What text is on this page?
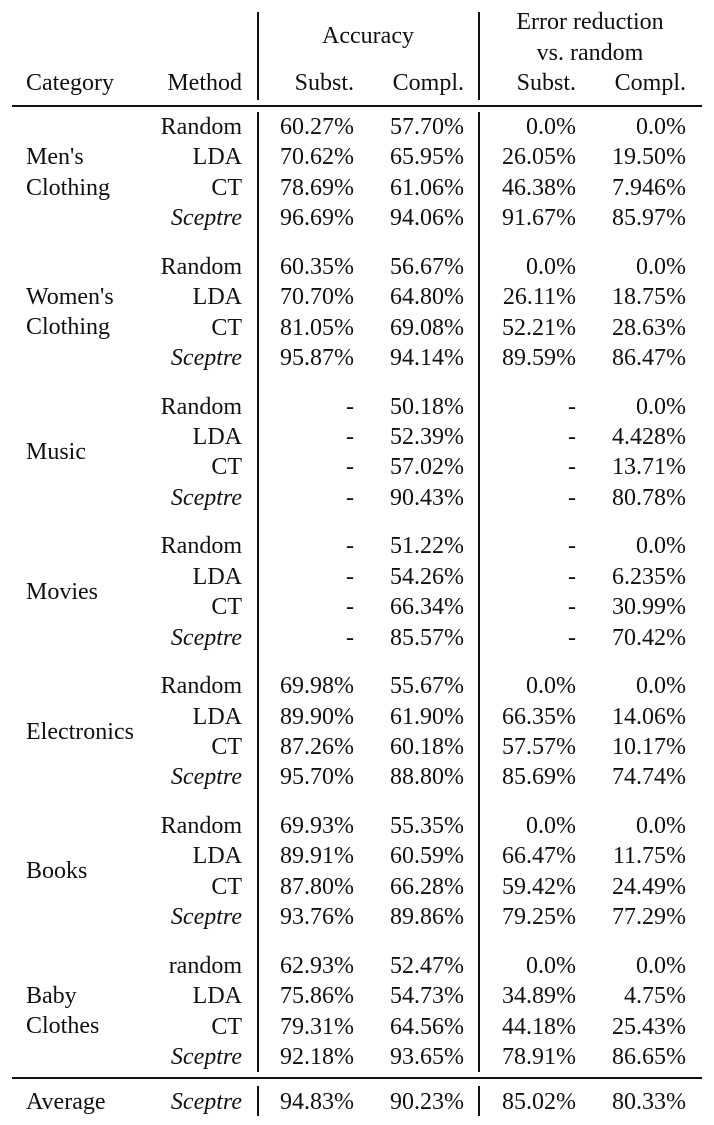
Accuracy
Error reduction
vs. random
Category	Method	Subst.	Compl.	Subst.	Compl.
Men's
Clothing
Random	60.27%	57.70%	0.0%	0.0%
LDA	70.62%	65.95%	26.05%	19.50%
CT	78.69%	61.06%	46.38%	7.946%
Sceptre	96.69%	94.06%	91.67%	85.97%
Women's
Clothing
Random	60.35%	56.67%	0.0%	0.0%
LDA	70.70%	64.80%	26.11%	18.75%
CT	81.05%	69.08%	52.21%	28.63%
Sceptre	95.87%	94.14%	89.59%	86.47%
Music
Random	-	50.18%	-	0.0%
LDA	-	52.39%	-	4.428%
CT	-	57.02%	-	13.71%
Sceptre	-	90.43%	-	80.78%
Movies
Random	-	51.22%	-	0.0%
LDA	-	54.26%	-	6.235%
CT	-	66.34%	-	30.99%
Sceptre	-	85.57%	-	70.42%
Electronics
Random	69.98%	55.67%	0.0%	0.0%
LDA	89.90%	61.90%	66.35%	14.06%
CT	87.26%	60.18%	57.57%	10.17%
Sceptre	95.70%	88.80%	85.69%	74.74%
Books
Random	69.93%	55.35%	0.0%	0.0%
LDA	89.91%	60.59%	66.47%	11.75%
CT	87.80%	66.28%	59.42%	24.49%
Sceptre	93.76%	89.86%	79.25%	77.29%
Baby
Clothes
random	62.93%	52.47%	0.0%	0.0%
LDA	75.86%	54.73%	34.89%	4.75%
CT	79.31%	64.56%	44.18%	25.43%
Sceptre	92.18%	93.65%	78.91%	86.65%
Average	Sceptre	94.83%	90.23%	85.02%	80.33%
